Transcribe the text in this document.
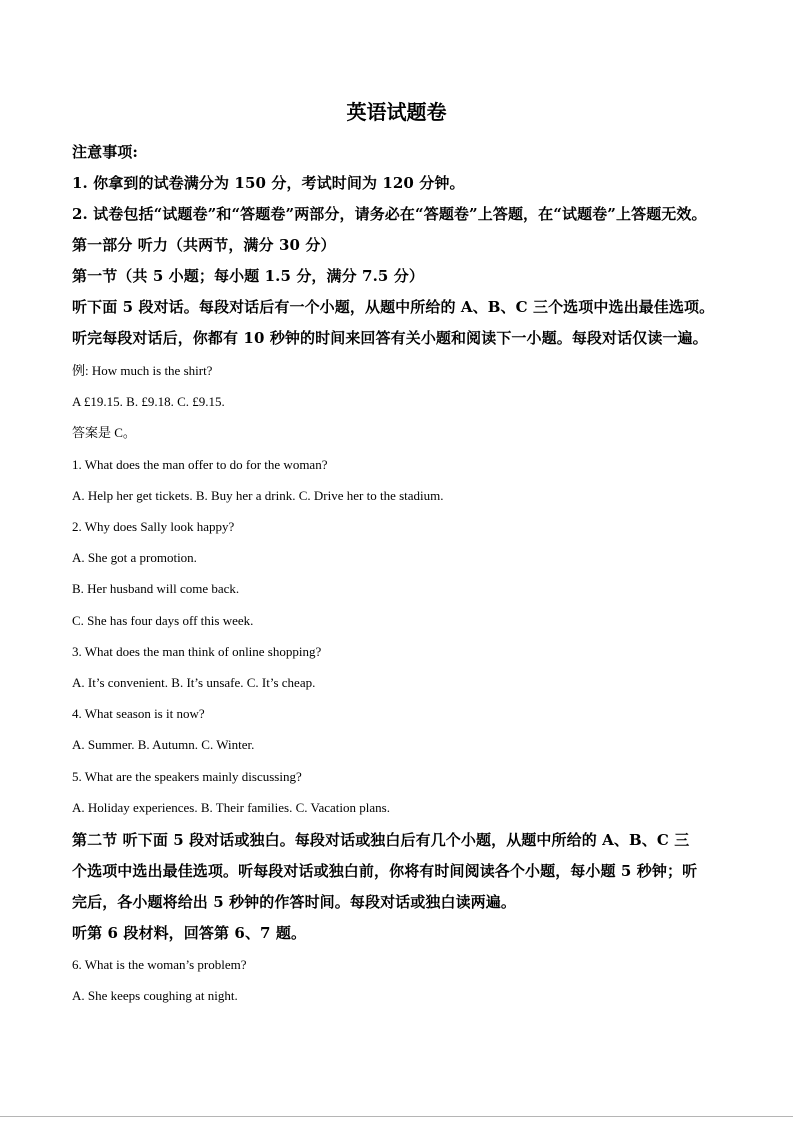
英语试题卷
注意事项:
1. 你拿到的试卷满分为 150 分，考试时间为 120 分钟。
2. 试卷包括“试题卷”和“答题卷”两部分，请务必在“答题卷”上答题，在“试题卷”上答题无效。
第一部分 听力（共两节，满分 30 分）
第一节（共 5 小题；每小题 1.5 分，满分 7.5 分）
听下面 5 段对话。每段对话后有一个小题，从题中所给的 A、B、C 三个选项中选出最佳选项。
听完每段对话后，你都有 10 秒钟的时间来回答有关小题和阅读下一小题。每段对话仅读一遍。
例: How much is the shirt?
A £19.15. B. £9.18. C. £9.15.
答案是 C。
1. What does the man offer to do for the woman?
A. Help her get tickets. B. Buy her a drink. C. Drive her to the stadium.
2. Why does Sally look happy?
A. She got a promotion.
B. Her husband will come back.
C. She has four days off this week.
3. What does the man think of online shopping?
A. It’s convenient. B. It’s unsafe. C. It’s cheap.
4. What season is it now?
A. Summer. B. Autumn. C. Winter.
5. What are the speakers mainly discussing?
A. Holiday experiences. B. Their families. C. Vacation plans.
第二节 听下面 5 段对话或独白。每段对话或独白后有几个小题，从题中所给的 A、B、C 三
个选项中选出最佳选项。听每段对话或独白前，你将有时间阅读各个小题，每小题 5 秒钟；听
完后，各小题将给出 5 秒钟的作答时间。每段对话或独白读两遍。
听第 6 段材料，回答第 6、7 题。
6. What is the woman’s problem?
A. She keeps coughing at night.
